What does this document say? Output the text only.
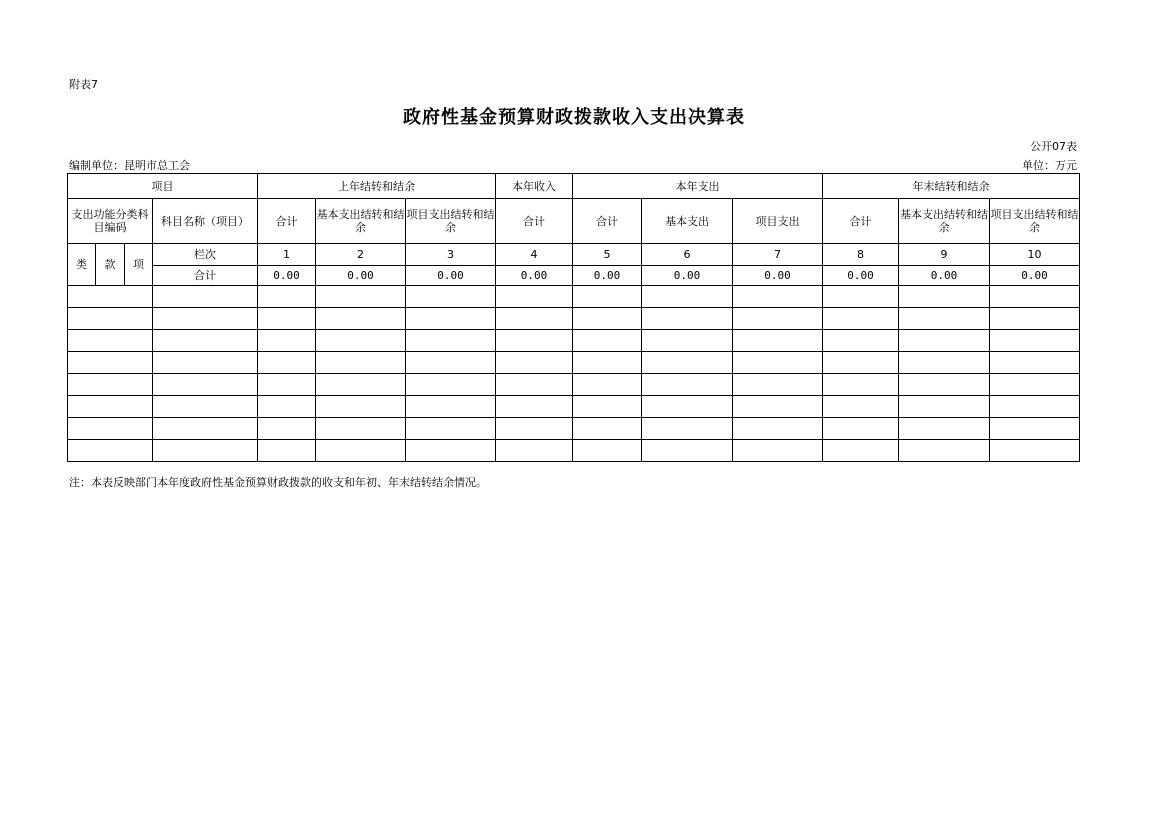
附表7
政府性基金预算财政拨款收入支出决算表
公开07表
编制单位：昆明市总工会	单位：万元
项目				上年结转和结余			本年收入	本年支出			年末结转和结余		
支出功能分类科目编码			科目名称（项目）	合计	基本支出结转和结余	项目支出结转和结余	合计	合计	基本支出	项目支出	合计	基本支出结转和结余	项目支出结转和结余
类	款	项	栏次	1	2	3	4	5	6	7	8	9	10
			合计	0.00	0.00	0.00	0.00	0.00	0.00	0.00	0.00	0.00	0.00

注：本表反映部门本年度政府性基金预算财政拨款的收支和年初、年末结转结余情况。
